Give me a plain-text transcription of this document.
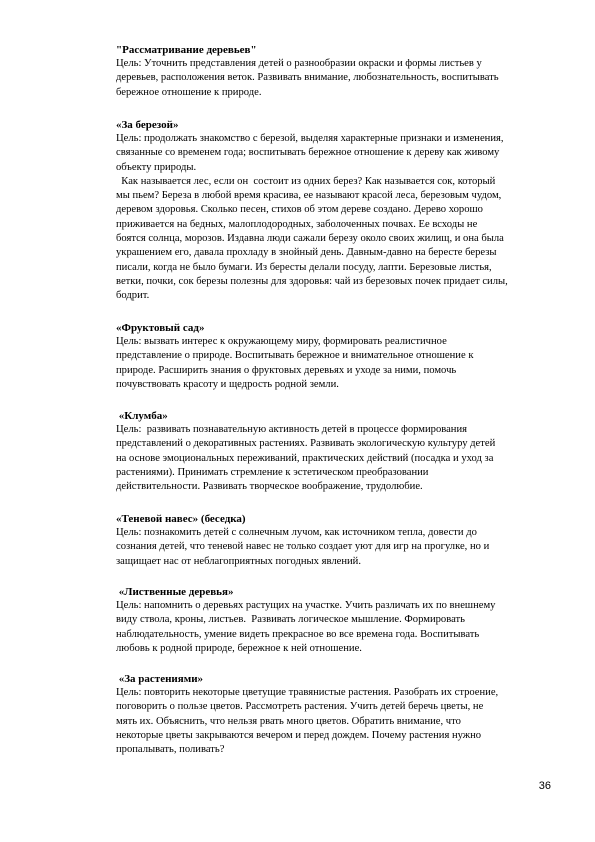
"Рассматривание деревьев"

Цель: Уточнить представления детей о разнообразии окраски и формы листьев у

деревьев, расположения веток. Развивать внимание, любознательность, воспитывать

бережное отношение к природе.

«За березой»

Цель: продолжать знакомство с березой, выделяя характерные признаки и изменения,

связанные со временем года; воспитывать бережное отношение к дереву как живому

объекту природы.

Как называется лес, если он  состоит из одних берез? Как называется сок, который

мы пьем? Береза в любой время красива, ее называют красой леса, березовым чудом,

деревом здоровья. Сколько песен, стихов об этом дереве создано. Дерево хорошо

приживается на бедных, малоплодородных, заболоченных почвах. Ее всходы не

боятся солнца, морозов. Издавна люди сажали березу около своих жилищ, и она была

украшением его, давала прохладу в знойный день. Давным-давно на бересте березы

писали, когда не было бумаги. Из бересты делали посуду, лапти. Березовые листья,

ветки, почки, сок березы полезны для здоровья: чай из березовых почек придает силы,

бодрит.

«Фруктовый сад»

Цель: вызвать интерес к окружающему миру, формировать реалистичное

представление о природе. Воспитывать бережное и внимательное отношение к

природе. Расширить знания о фруктовых деревьях и уходе за ними, помочь

почувствовать красоту и щедрость родной земли.

«Клумба»

Цель:  развивать познавательную активность детей в процессе формирования

представлений о декоративных растениях. Развивать экологическую культуру детей

на основе эмоциональных переживаний, практических действий (посадка и уход за

растениями). Принимать стремление к эстетическом преобразовании

действительности. Развивать творческое воображение, трудолюбие.

«Теневой навес» (беседка)

Цель: познакомить детей с солнечным лучом, как источником тепла, довести до

сознания детей, что теневой навес не только создает уют для игр на прогулке, но и

защищает нас от неблагоприятных погодных явлений.

«Лиственные деревья»

Цель: напомнить о деревьях растущих на участке. Учить различать их по внешнему

виду ствола, кроны, листьев.  Развивать логическое мышление. Формировать

наблюдательность, умение видеть прекрасное во все времена года. Воспитывать

любовь к родной природе, бережное к ней отношение.

«За растениями»

Цель: повторить некоторые цветущие травянистые растения. Разобрать их строение,

поговорить о пользе цветов. Рассмотреть растения. Учить детей беречь цветы, не

мять их. Объяснить, что нельзя рвать много цветов. Обратить внимание, что

некоторые цветы закрываются вечером и перед дождем. Почему растения нужно

пропалывать, поливать?

36
